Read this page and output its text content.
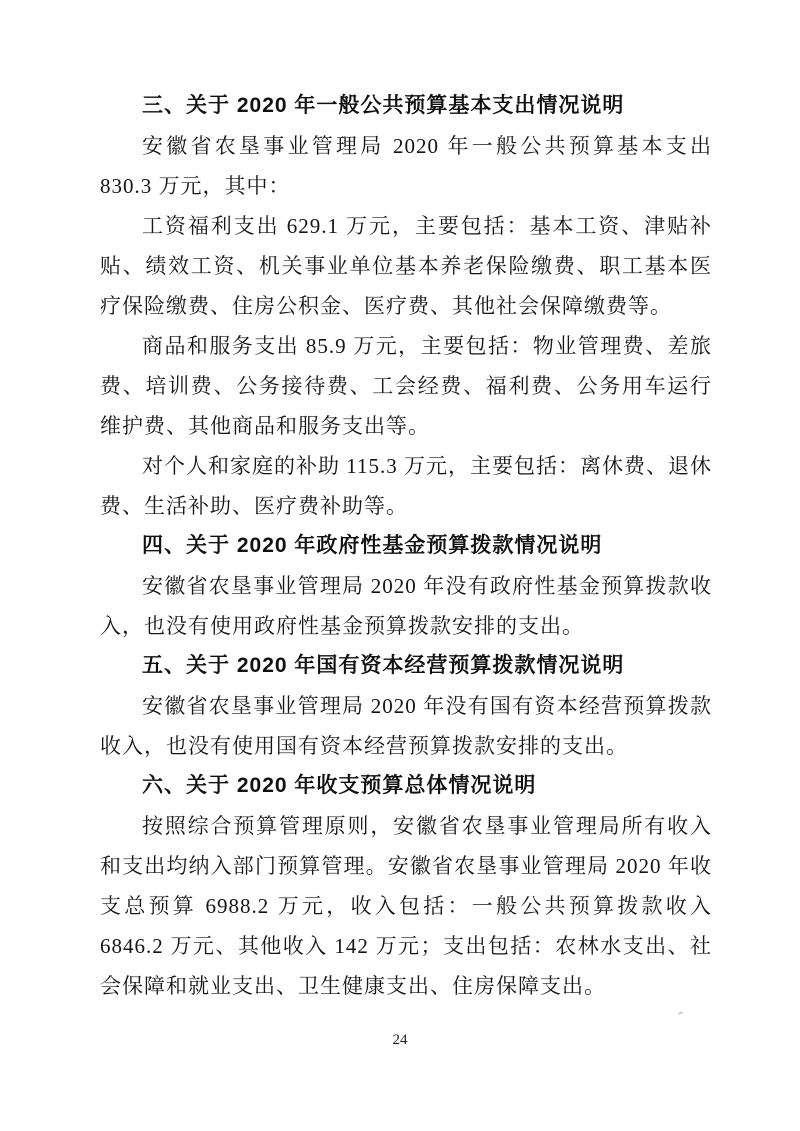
三、关于 2020 年一般公共预算基本支出情况说明

安徽省农垦事业管理局 2020 年一般公共预算基本支出 830.3 万元，其中：

工资福利支出 629.1 万元，主要包括：基本工资、津贴补贴、绩效工资、机关事业单位基本养老保险缴费、职工基本医疗保险缴费、住房公积金、医疗费、其他社会保障缴费等。

商品和服务支出 85.9 万元，主要包括：物业管理费、差旅费、培训费、公务接待费、工会经费、福利费、公务用车运行维护费、其他商品和服务支出等。

对个人和家庭的补助 115.3 万元，主要包括：离休费、退休费、生活补助、医疗费补助等。

四、关于 2020 年政府性基金预算拨款情况说明

安徽省农垦事业管理局 2020 年没有政府性基金预算拨款收入，也没有使用政府性基金预算拨款安排的支出。

五、关于 2020 年国有资本经营预算拨款情况说明

安徽省农垦事业管理局 2020 年没有国有资本经营预算拨款收入，也没有使用国有资本经营预算拨款安排的支出。

六、关于 2020 年收支预算总体情况说明

按照综合预算管理原则，安徽省农垦事业管理局所有收入和支出均纳入部门预算管理。安徽省农垦事业管理局 2020 年收支总预算 6988.2 万元，收入包括：一般公共预算拨款收入 6846.2 万元、其他收入 142 万元；支出包括：农林水支出、社会保障和就业支出、卫生健康支出、住房保障支出。

24
